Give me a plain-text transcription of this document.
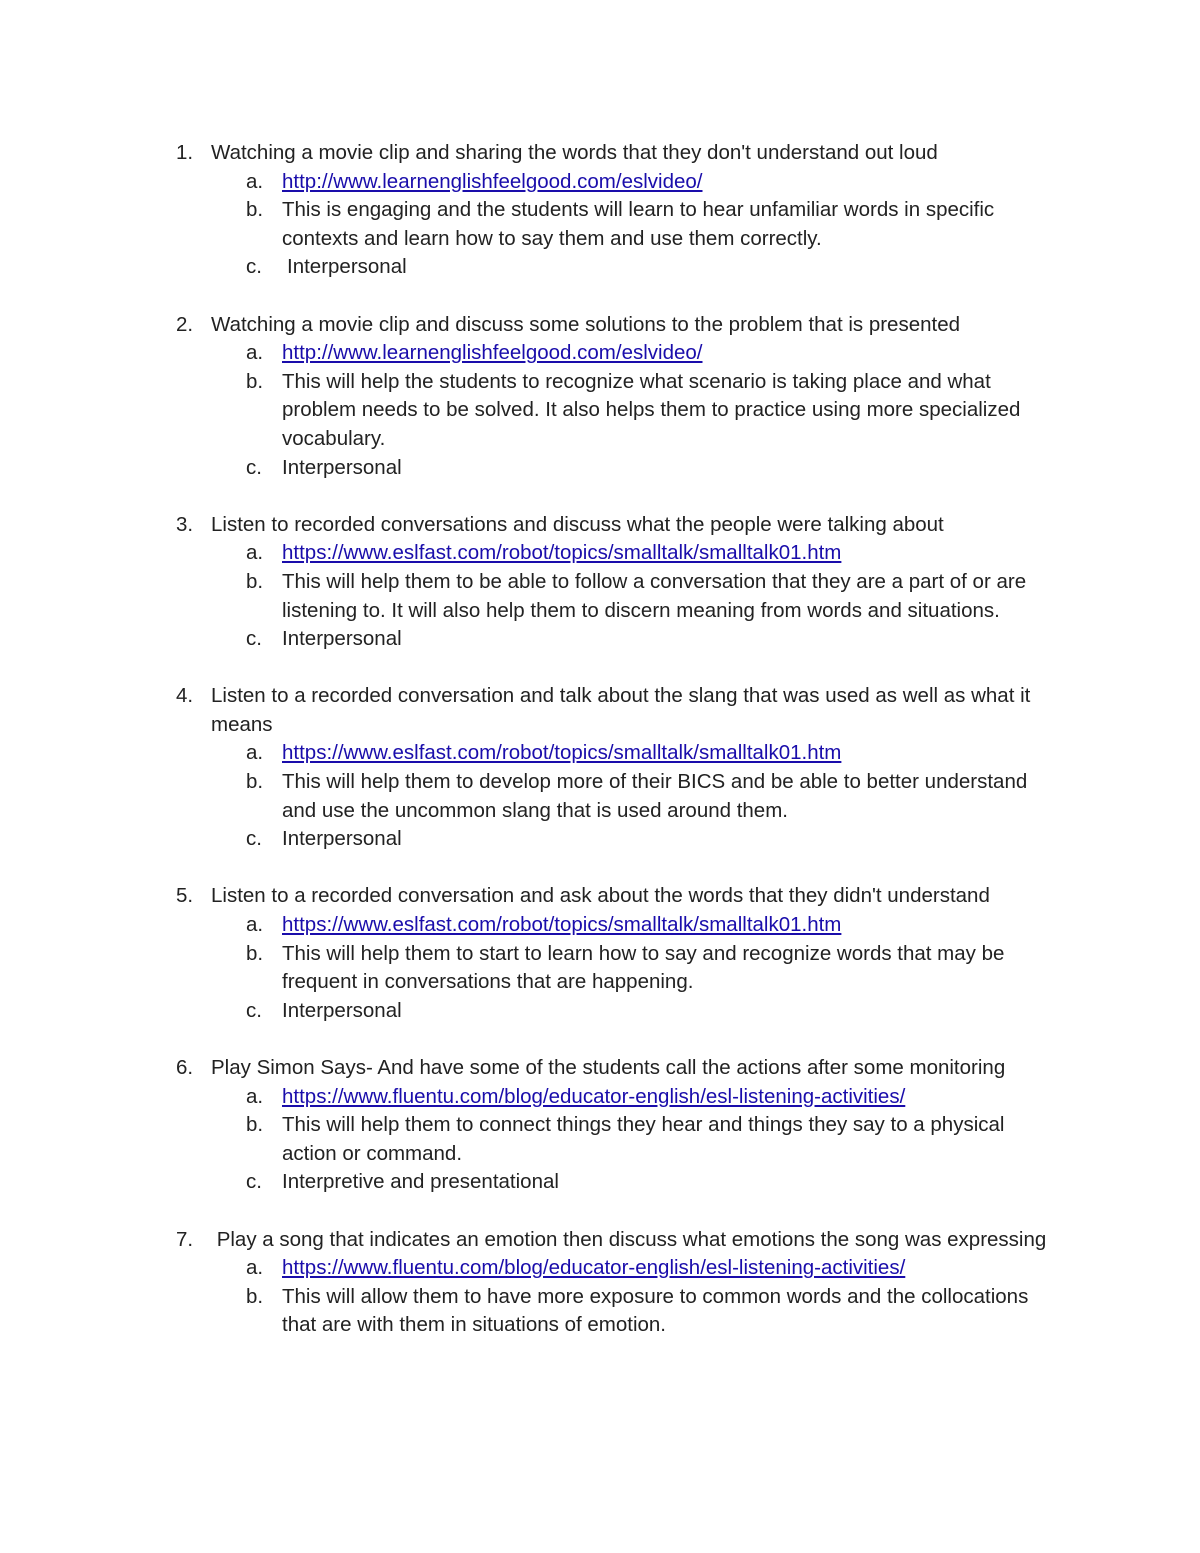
1. Watching a movie clip and sharing the words that they don't understand out loud
a. http://www.learnenglishfeelgood.com/eslvideo/
b. This is engaging and the students will learn to hear unfamiliar words in specific contexts and learn how to say them and use them correctly.
c. Interpersonal
2. Watching a movie clip and discuss some solutions to the problem that is presented
a. http://www.learnenglishfeelgood.com/eslvideo/
b. This will help the students to recognize what scenario is taking place and what problem needs to be solved. It also helps them to practice using more specialized vocabulary.
c. Interpersonal
3. Listen to recorded conversations and discuss what the people were talking about
a. https://www.eslfast.com/robot/topics/smalltalk/smalltalk01.htm
b. This will help them to be able to follow a conversation that they are a part of or are listening to. It will also help them to discern meaning from words and situations.
c. Interpersonal
4. Listen to a recorded conversation and talk about the slang that was used as well as what it means
a. https://www.eslfast.com/robot/topics/smalltalk/smalltalk01.htm
b. This will help them to develop more of their BICS and be able to better understand and use the uncommon slang that is used around them.
c. Interpersonal
5. Listen to a recorded conversation and ask about the words that they didn't understand
a. https://www.eslfast.com/robot/topics/smalltalk/smalltalk01.htm
b. This will help them to start to learn how to say and recognize words that may be frequent in conversations that are happening.
c. Interpersonal
6. Play Simon Says- And have some of the students call the actions after some monitoring
a. https://www.fluentu.com/blog/educator-english/esl-listening-activities/
b. This will help them to connect things they hear and things they say to a physical action or command.
c. Interpretive and presentational
7. Play a song that indicates an emotion then discuss what emotions the song was expressing
a. https://www.fluentu.com/blog/educator-english/esl-listening-activities/
b. This will allow them to have more exposure to common words and the collocations that are with them in situations of emotion.
